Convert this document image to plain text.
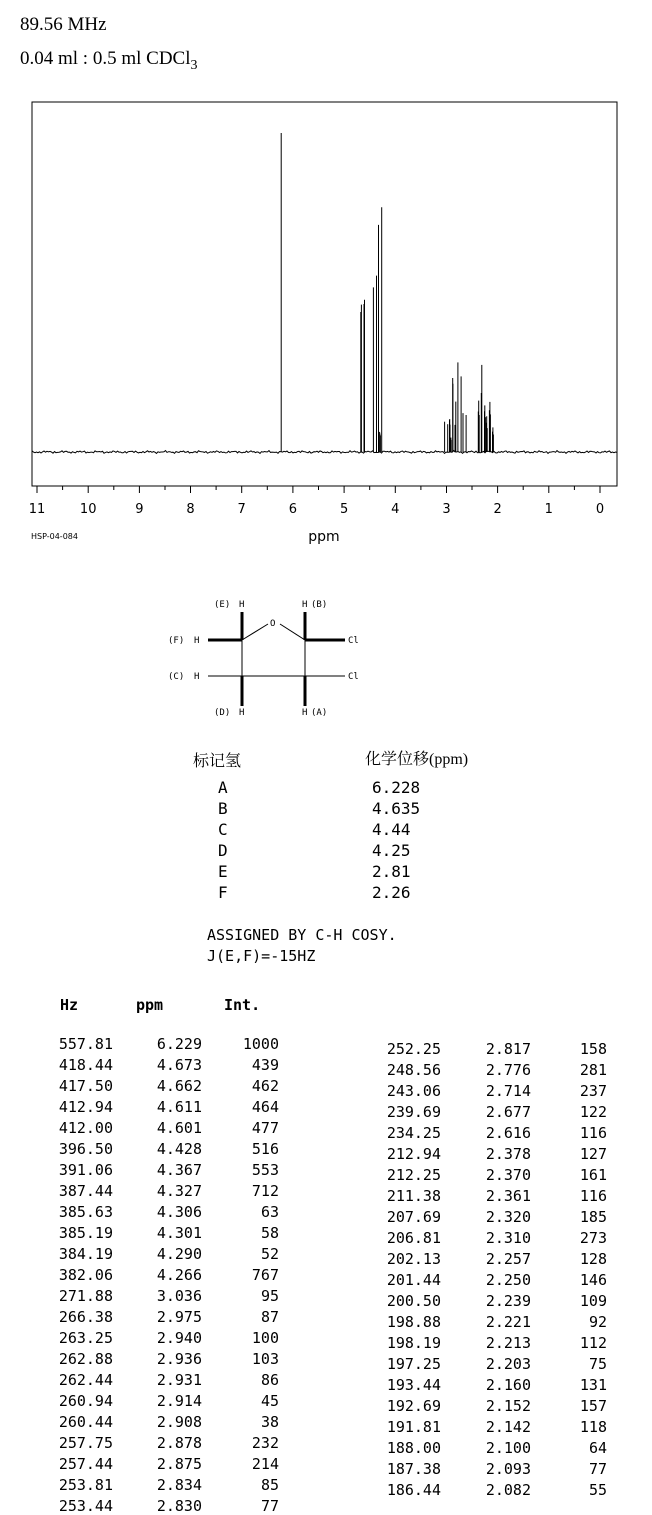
89.56 MHz
0.04 ml : 0.5 ml CDCl$_3$
11	10	9	8	7	6	5	4	3	2	1	0
ppm
HSP-04-084
O
(E) H	H (B)
(F) H	Cl
(C) H	Cl
(D) H	H (A)
标记氢	化学位移(ppm)
A	6.228
B	4.635
C	4.44
D	4.25
E	2.81
F	2.26
ASSIGNED BY C-H COSY.
J(E,F)=-15HZ
Hz	ppm	Int.
557.81	6.229	1000
418.44	4.673	439
417.50	4.662	462
412.94	4.611	464
412.00	4.601	477
396.50	4.428	516
391.06	4.367	553
387.44	4.327	712
385.63	4.306	63
385.19	4.301	58
384.19	4.290	52
382.06	4.266	767
271.88	3.036	95
266.38	2.975	87
263.25	2.940	100
262.88	2.936	103
262.44	2.931	86
260.94	2.914	45
260.44	2.908	38
257.75	2.878	232
257.44	2.875	214
253.81	2.834	85
253.44	2.830	77
252.25	2.817	158
248.56	2.776	281
243.06	2.714	237
239.69	2.677	122
234.25	2.616	116
212.94	2.378	127
212.25	2.370	161
211.38	2.361	116
207.69	2.320	185
206.81	2.310	273
202.13	2.257	128
201.44	2.250	146
200.50	2.239	109
198.88	2.221	92
198.19	2.213	112
197.25	2.203	75
193.44	2.160	131
192.69	2.152	157
191.81	2.142	118
188.00	2.100	64
187.38	2.093	77
186.44	2.082	55
